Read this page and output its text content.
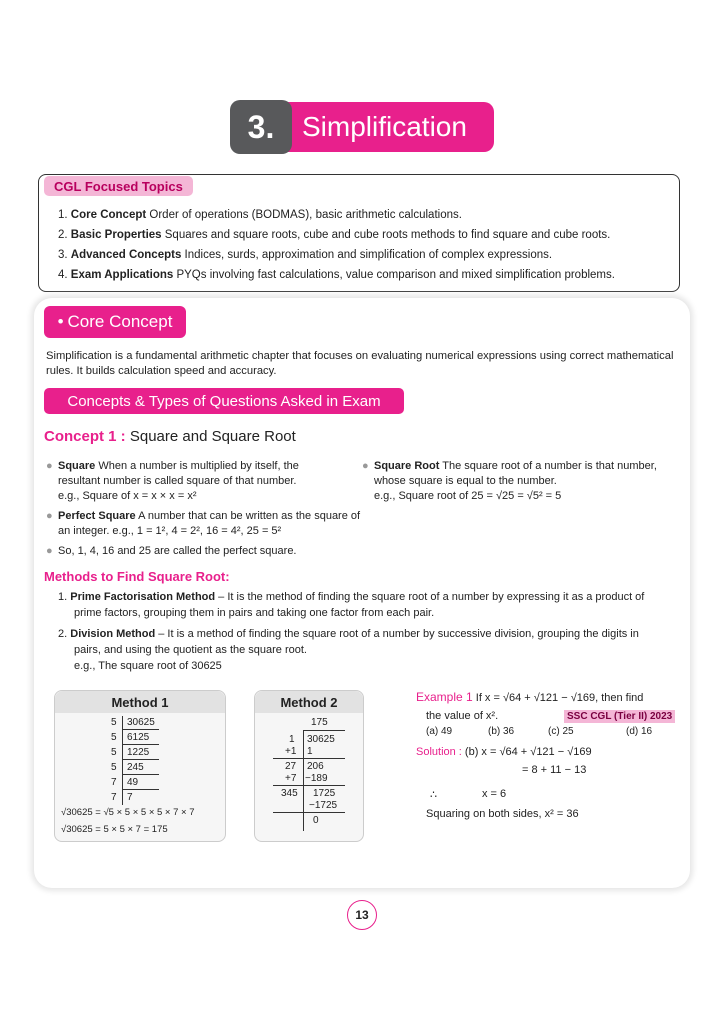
3. Simplification
CGL Focused Topics
1. Core Concept Order of operations (BODMAS), basic arithmetic calculations.
2. Basic Properties Squares and square roots, cube and cube roots methods to find square and cube roots.
3. Advanced Concepts Indices, surds, approximation and simplification of complex expressions.
4. Exam Applications PYQs involving fast calculations, value comparison and mixed simplification problems.
• Core Concept
Simplification is a fundamental arithmetic chapter that focuses on evaluating numerical expressions using correct mathematical rules. It builds calculation speed and accuracy.
Concepts & Types of Questions Asked in Exam
Concept 1 : Square and Square Root
● Square When a number is multiplied by itself, the
resultant number is called square of that number.
e.g., Square of x = x × x = x²
● Perfect Square A number that can be written as the square of
an integer. e.g., 1 = 1², 4 = 2², 16 = 4², 25 = 5²
● So, 1, 4, 16 and 25 are called the perfect square.
● Square Root The square root of a number is that number,
whose square is equal to the number.
e.g., Square root of 25 = √25 = √5² = 5
Methods to Find Square Root:
1. Prime Factorisation Method – It is the method of finding the square root of a number by expressing it as a product of
prime factors, grouping them in pairs and taking one factor from each pair.
2. Division Method – It is a method of finding the square root of a number by successive division, grouping the digits in
pairs, and using the quotient as the square root.
e.g., The square root of 30625
Method 1
5 30625
5 6125
5 1225
5 245
7 49
7 7
√30625 = √5 × 5 × 5 × 5 × 7 × 7
√30625 = 5 × 5 × 7 = 175
Method 2
175
1 30625
+1 1
27 206
+7 −189
345 1725
−1725
0
Example 1 If x = √64 + √121 − √169, then find
the value of x².	SSC CGL (Tier II) 2023
(a) 49	(b) 36	(c) 25	(d) 16
Solution : (b) x = √64 + √121 − √169
= 8 + 11 − 13
∴	x = 6
Squaring on both sides, x² = 36
13
